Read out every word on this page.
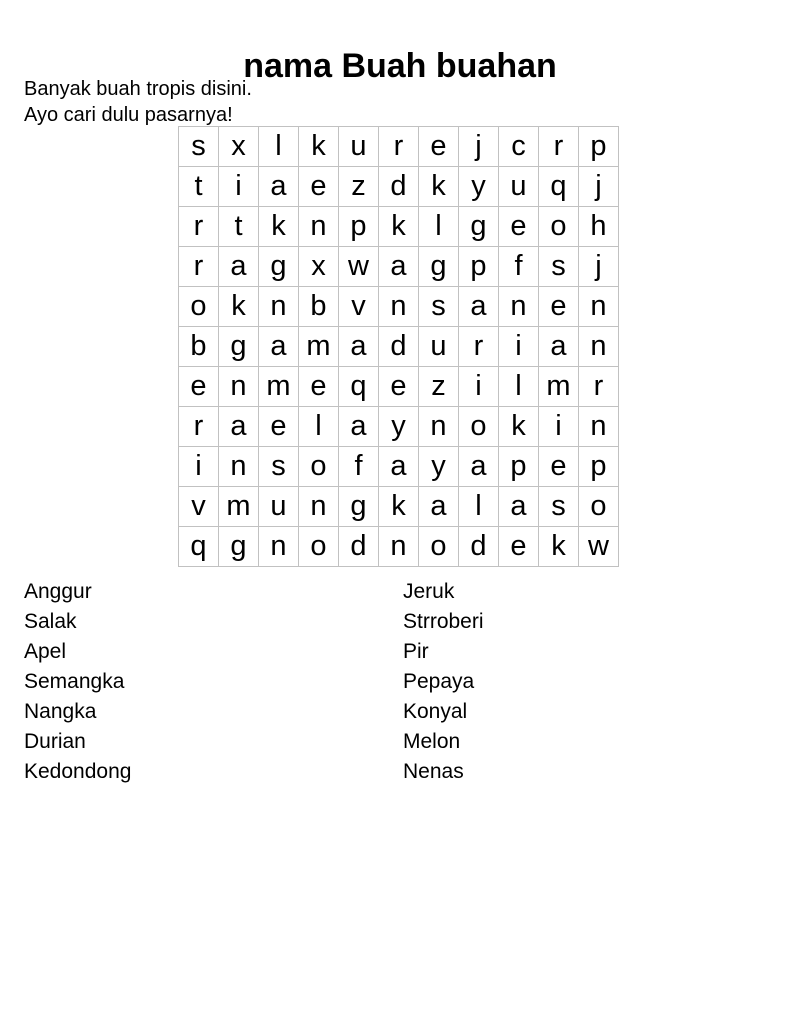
nama Buah buahan
Banyak buah tropis disini.
Ayo cari dulu pasarnya!
s	x	l	k	u	r	e	j	c	r	p
t	i	a	e	z	d	k	y	u	q	j
r	t	k	n	p	k	l	g	e	o	h
r	a	g	x	w	a	g	p	f	s	j
o	k	n	b	v	n	s	a	n	e	n
b	g	a	m	a	d	u	r	i	a	n
e	n	m	e	q	e	z	i	l	m	r
r	a	e	l	a	y	n	o	k	i	n
i	n	s	o	f	a	y	a	p	e	p
v	m	u	n	g	k	a	l	a	s	o
q	g	n	o	d	n	o	d	e	k	w
Anggur
Salak
Apel
Semangka
Nangka
Durian
Kedondong
Jeruk
Strroberi
Pir
Pepaya
Konyal
Melon
Nenas
